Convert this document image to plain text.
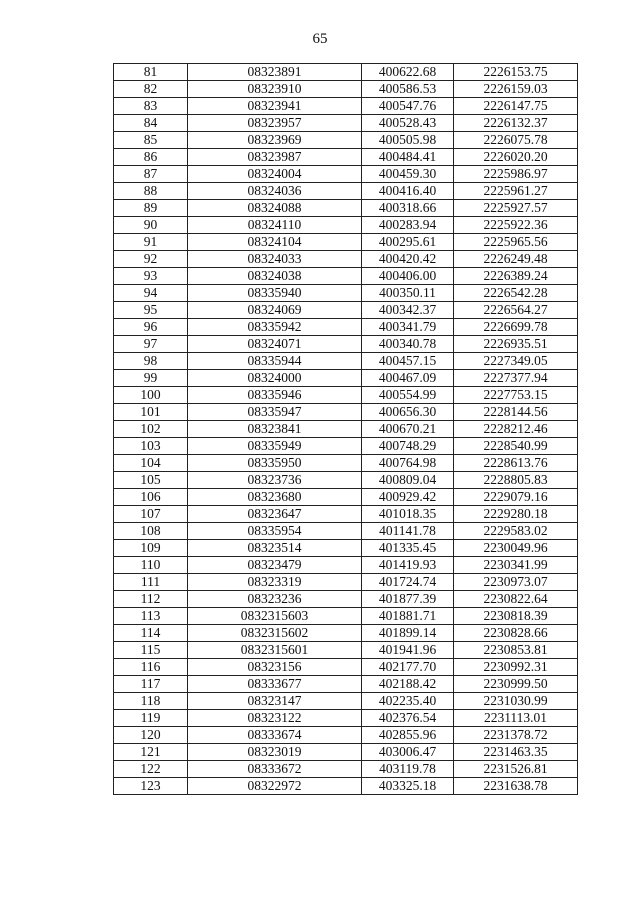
65
81	08323891	400622.68	2226153.75
82	08323910	400586.53	2226159.03
83	08323941	400547.76	2226147.75
84	08323957	400528.43	2226132.37
85	08323969	400505.98	2226075.78
86	08323987	400484.41	2226020.20
87	08324004	400459.30	2225986.97
88	08324036	400416.40	2225961.27
89	08324088	400318.66	2225927.57
90	08324110	400283.94	2225922.36
91	08324104	400295.61	2225965.56
92	08324033	400420.42	2226249.48
93	08324038	400406.00	2226389.24
94	08335940	400350.11	2226542.28
95	08324069	400342.37	2226564.27
96	08335942	400341.79	2226699.78
97	08324071	400340.78	2226935.51
98	08335944	400457.15	2227349.05
99	08324000	400467.09	2227377.94
100	08335946	400554.99	2227753.15
101	08335947	400656.30	2228144.56
102	08323841	400670.21	2228212.46
103	08335949	400748.29	2228540.99
104	08335950	400764.98	2228613.76
105	08323736	400809.04	2228805.83
106	08323680	400929.42	2229079.16
107	08323647	401018.35	2229280.18
108	08335954	401141.78	2229583.02
109	08323514	401335.45	2230049.96
110	08323479	401419.93	2230341.99
111	08323319	401724.74	2230973.07
112	08323236	401877.39	2230822.64
113	0832315603	401881.71	2230818.39
114	0832315602	401899.14	2230828.66
115	0832315601	401941.96	2230853.81
116	08323156	402177.70	2230992.31
117	08333677	402188.42	2230999.50
118	08323147	402235.40	2231030.99
119	08323122	402376.54	2231113.01
120	08333674	402855.96	2231378.72
121	08323019	403006.47	2231463.35
122	08333672	403119.78	2231526.81
123	08322972	403325.18	2231638.78
